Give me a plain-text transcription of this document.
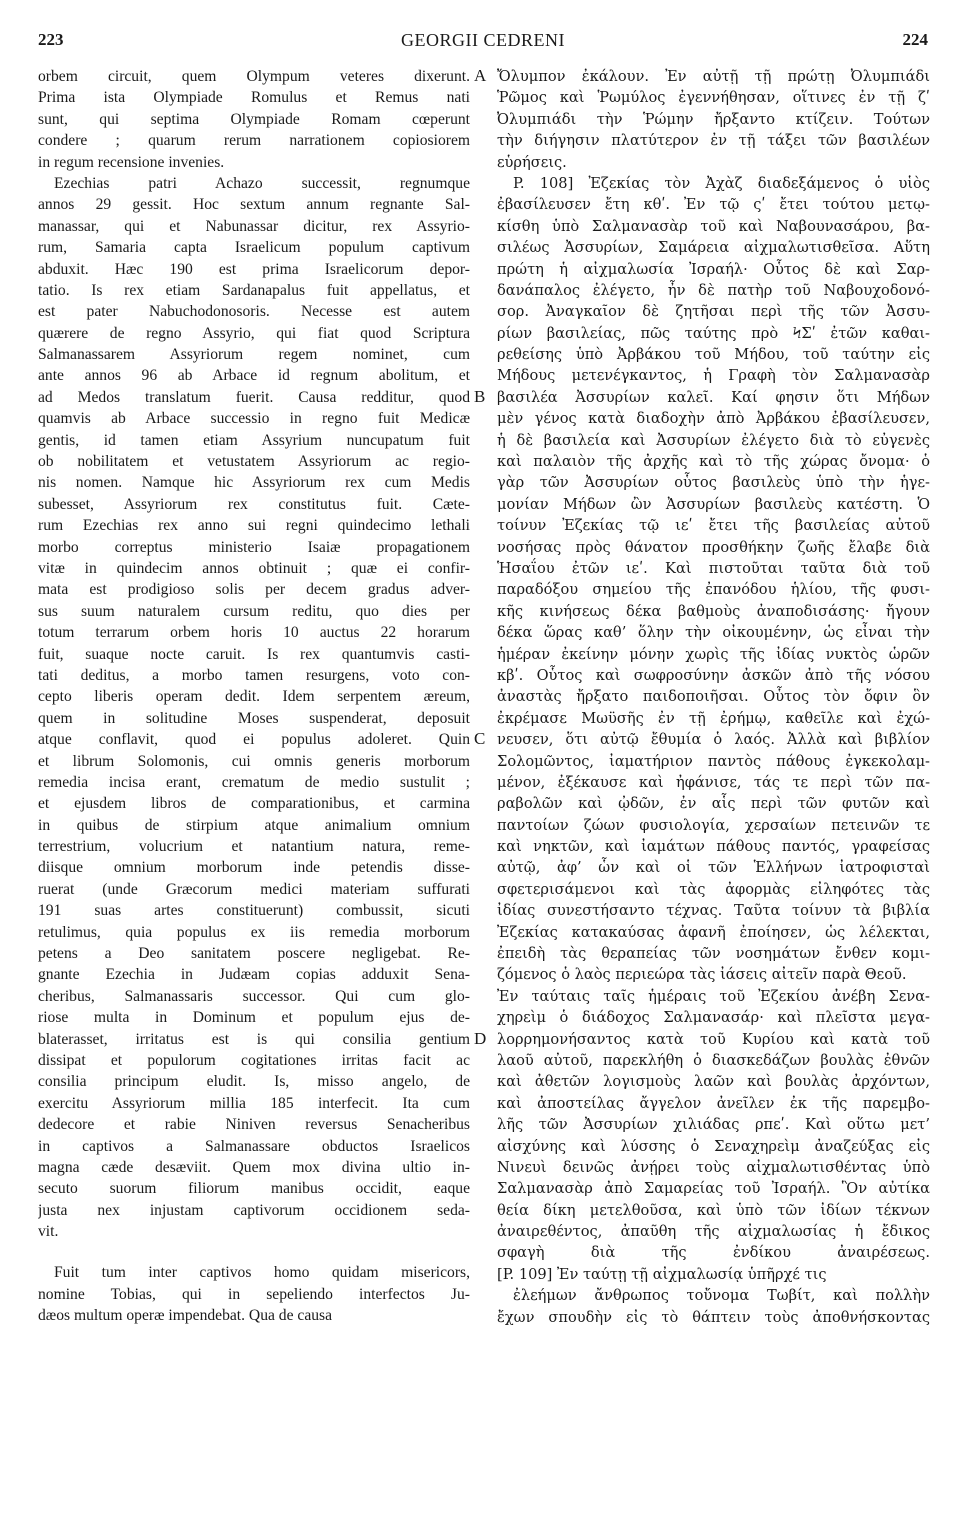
223	GEORGII CEDRENI	224
orbem circuit, quem Olympum veteres dixerunt.
Prima ista Olympiade Romulus et Remus nati
sunt, qui septima Olympiade Romam cœperunt
condere ; quarum rerum narrationem copiosiorem
in regum recensione invenies.
Ezechias patri Achazo successit, regnumque
annos 29 gessit. Hoc sextum annum regnante Sal-
manassar, qui et Nabunassar dicitur, rex Assyrio-
rum, Samaria capta Israelicum populum captivum
abduxit. Hæc 190 est prima Israelicorum depor-
tatio. Is rex etiam Sardanapalus fuit appellatus, et
est pater Nabuchodonosoris. Necesse est autem
quærere de regno Assyrio, qui fiat quod Scriptura
Salmanassarem Assyriorum regem nominet, cum
ante annos 96 ab Arbace id regnum abolitum, et
ad Medos translatum fuerit. Causa redditur, quod
quamvis ab Arbace successio in regno fuit Medicæ
gentis, id tamen etiam Assyrium nuncupatum fuit
ob nobilitatem et vetustatem Assyriorum ac regio-
nis nomen. Namque hic Assyriorum rex cum Medis
subesset, Assyriorum rex constitutus fuit. Cæte-
rum Ezechias rex anno sui regni quindecimo lethali
morbo correptus ministerio Isaiæ propagationem
vitæ in quindecim annos obtinuit ; quæ ei confir-
mata est prodigioso solis per decem gradus adver-
sus suum naturalem cursum reditu, quo dies per
totum terrarum orbem horis 10 auctus 22 horarum
fuit, suaque nocte caruit. Is rex quantumvis casti-
tati deditus, a morbo tamen resurgens, voto con-
cepto liberis operam dedit. Idem serpentem æreum,
quem in solitudine Moses suspenderat, deposuit
atque conflavit, quod ei populus adoleret. Quin
et librum Solomonis, cui omnis generis morborum
remedia incisa erant, crematum de medio sustulit ;
et ejusdem libros de comparationibus, et carmina
in quibus de stirpium atque animalium omnium
terrestrium, volucrium et natantium natura, reme-
diisque omnium morborum inde petendis disse-
ruerat (unde Græcorum medici materiam suffurati
191 suas artes constituerunt) combussit, sicuti
retulimus, quia populus ex iis remedia morborum
petens a Deo sanitatem poscere negligebat. Re-
gnante Ezechia in Judæam copias adduxit Sena-
cheribus, Salmanassaris successor. Qui cum glo-
riose multa in Dominum et populum ejus de-
blaterasset, irritatus est is qui consilia gentium
dissipat et populorum cogitationes irritas facit ac
consilia principum eludit. Is, misso angelo, de
exercitu Assyriorum millia 185 interfecit. Ita cum
dedecore et rabie Niniven reversus Senacheribus
in captivos a Salmanassare obductos Israelicos
magna cæde desæviit. Quem mox divina ultio in-
secuto suorum filiorum manibus occidit, eaque
justa nex injustam captivorum occidionem seda-
vit.
Fuit tum inter captivos homo quidam misericors,
nomine Tobias, qui in sepeliendo interfectos Ju-
dæos multum operæ impendebat. Qua de causa
A
B
C
D
Ὄλυμπον ἐκάλουν. Ἐν αὐτῇ τῇ πρώτῃ Ὀλυμπιάδι
Ῥῶμος καὶ Ῥωμύλος ἐγεννήθησαν, οἵτινες ἐν τῇ ζʹ
Ὀλυμπιάδι τὴν Ῥώμην ἤρξαντο κτίζειν. Τούτων
τὴν διήγησιν πλατύτερον ἐν τῇ τάξει τῶν βασιλέων
εὑρήσεις.
P. 108] Ἐζεκίας τὸν Ἀχὰζ διαδεξάμενος ὁ υἱὸς
ἐβασίλευσεν ἔτη κθʹ. Ἐν τῷ ςʹ ἔτει τούτου μετῳ-
κίσθη ὑπὸ Σαλμανασὰρ τοῦ καὶ Ναβουνασάρου, βα-
σιλέως Ἀσσυρίων, Σαμάρεια αἰχμαλωτισθεῖσα. Αὕτη
πρώτη ἡ αἰχμαλωσία Ἰσραήλ· Οὗτος δὲ καὶ Σαρ-
δανάπαλος ἐλέγετο, ἦν δὲ πατὴρ τοῦ Ναβουχοδονό-
σορ. Ἀναγκαῖον δὲ ζητῆσαι περὶ τῆς τῶν Ἀσσυ-
ρίων βασιλείας, πῶς ταύτης πρὸ ϞΣʹ ἐτῶν καθαι-
ρεθείσης ὑπὸ Ἀρβάκου τοῦ Μήδου, τοῦ ταύτην εἰς
Μήδους μετενέγκαντος, ἡ Γραφὴ τὸν Σαλμανασὰρ
βασιλέα Ἀσσυρίων καλεῖ. Καί φησιν ὅτι Μήδων
μὲν γένος κατὰ διαδοχὴν ἀπὸ Ἀρβάκου ἐβασίλευσεν,
ἡ δὲ βασιλεία καὶ Ἀσσυρίων ἐλέγετο διὰ τὸ εὐγενὲς
καὶ παλαιὸν τῆς ἀρχῆς καὶ τὸ τῆς χώρας ὄνομα· ὁ
γὰρ τῶν Ἀσσυρίων οὗτος βασιλεὺς ὑπὸ τὴν ἡγε-
μονίαν Μήδων ὢν Ἀσσυρίων βασιλεὺς κατέστη. Ὁ
τοίνυν Ἐζεκίας τῷ ιεʹ ἔτει τῆς βασιλείας αὐτοῦ
νοσήσας πρὸς θάνατον προσθήκην ζωῆς ἔλαβε διὰ
Ἡσαΐου ἐτῶν ιεʹ. Καὶ πιστοῦται ταῦτα διὰ τοῦ
παραδόξου σημείου τῆς ἐπανόδου ἡλίου, τῆς φυσι-
κῆς κινήσεως δέκα βαθμοὺς ἀναποδισάσης· ἤγουν
δέκα ὥρας καθ’ ὅλην τὴν οἰκουμένην, ὡς εἶναι τὴν
ἡμέραν ἐκείνην μόνην χωρὶς τῆς ἰδίας νυκτὸς ὡρῶν
κβʹ. Οὗτος καὶ σωφροσύνην ἀσκῶν ἀπὸ τῆς νόσου
ἀναστὰς ἤρξατο παιδοποιῆσαι. Οὗτος τὸν ὄφιν ὃν
ἐκρέμασε Μωϋσῆς ἐν τῇ ἐρήμῳ, καθεῖλε καὶ ἐχώ-
νευσεν, ὅτι αὐτῷ ἔθυμία ὁ λαός. Ἀλλὰ καὶ βιβλίον
Σολομῶντος, ἰαματήριον παντὸς πάθους ἐγκεκολαμ-
μένον, ἐξέκαυσε καὶ ἠφάνισε, τάς τε περὶ τῶν πα-
ραβολῶν καὶ ᾠδῶν, ἐν αἷς περὶ τῶν φυτῶν καὶ
παντοίων ζώων φυσιολογία, χερσαίων πετεινῶν τε
καὶ νηκτῶν, καὶ ἰαμάτων πάθους παντός, γραφείσας
αὐτῷ, ἀφ’ ὧν καὶ οἱ τῶν Ἑλλήνων ἰατροφισταὶ
σφετερισάμενοι καὶ τὰς ἀφορμὰς εἰληφότες τὰς
ἰδίας συνεστήσαντο τέχνας. Ταῦτα τοίνυν τὰ βιβλία
Ἐζεκίας κατακαύσας ἀφανῆ ἐποίησεν, ὡς λέλεκται,
ἐπειδὴ τὰς θεραπείας τῶν νοσημάτων ἔνθεν κομι-
ζόμενος ὁ λαὸς περιεώρα τὰς ἰάσεις αἰτεῖν παρὰ Θεοῦ.
Ἐν ταύταις ταῖς ἡμέραις τοῦ Ἐζεκίου ἀνέβη Σενα-
χηρεὶμ ὁ διάδοχος Σαλμανασάρ· καὶ πλεῖστα μεγα-
λορρημονήσαντος κατὰ τοῦ Κυρίου καὶ κατὰ τοῦ
λαοῦ αὐτοῦ, παρεκλήθη ὁ διασκεδάζων βουλὰς ἐθνῶν
καὶ ἀθετῶν λογισμοὺς λαῶν καὶ βουλὰς ἀρχόντων,
καὶ ἀποστείλας ἄγγελον ἀνεῖλεν ἐκ τῆς παρεμβο-
λῆς τῶν Ἀσσυρίων χιλιάδας ρπεʹ. Καὶ οὕτω μετ’
αἰσχύνης καὶ λύσσης ὁ Σεναχηρεὶμ ἀναζεύξας εἰς
Νινευὶ δεινῶς ἀνῄρει τοὺς αἰχμαλωτισθέντας ὑπὸ
Σαλμανασὰρ ἀπὸ Σαμαρείας τοῦ Ἰσραήλ. Ὃν αὐτίκα
θεία δίκη μετελθοῦσα, καὶ ὑπὸ τῶν ἰδίων τέκνων
ἀναιρεθέντος, ἀπαῦθη τῆς αἰχμαλωσίας ἡ ἔδικος
σφαγὴ διὰ τῆς ἐνδίκου ἀναιρέσεως.
[P. 109] Ἐν ταύτῃ τῇ αἰχμαλωσίᾳ ὑπῆρχέ τις
ἐλεήμων ἄνθρωπος τοὔνομα Τωβίτ, καὶ πολλὴν
ἔχων σπουδὴν εἰς τὸ θάπτειν τοὺς ἀποθνήσκοντας
